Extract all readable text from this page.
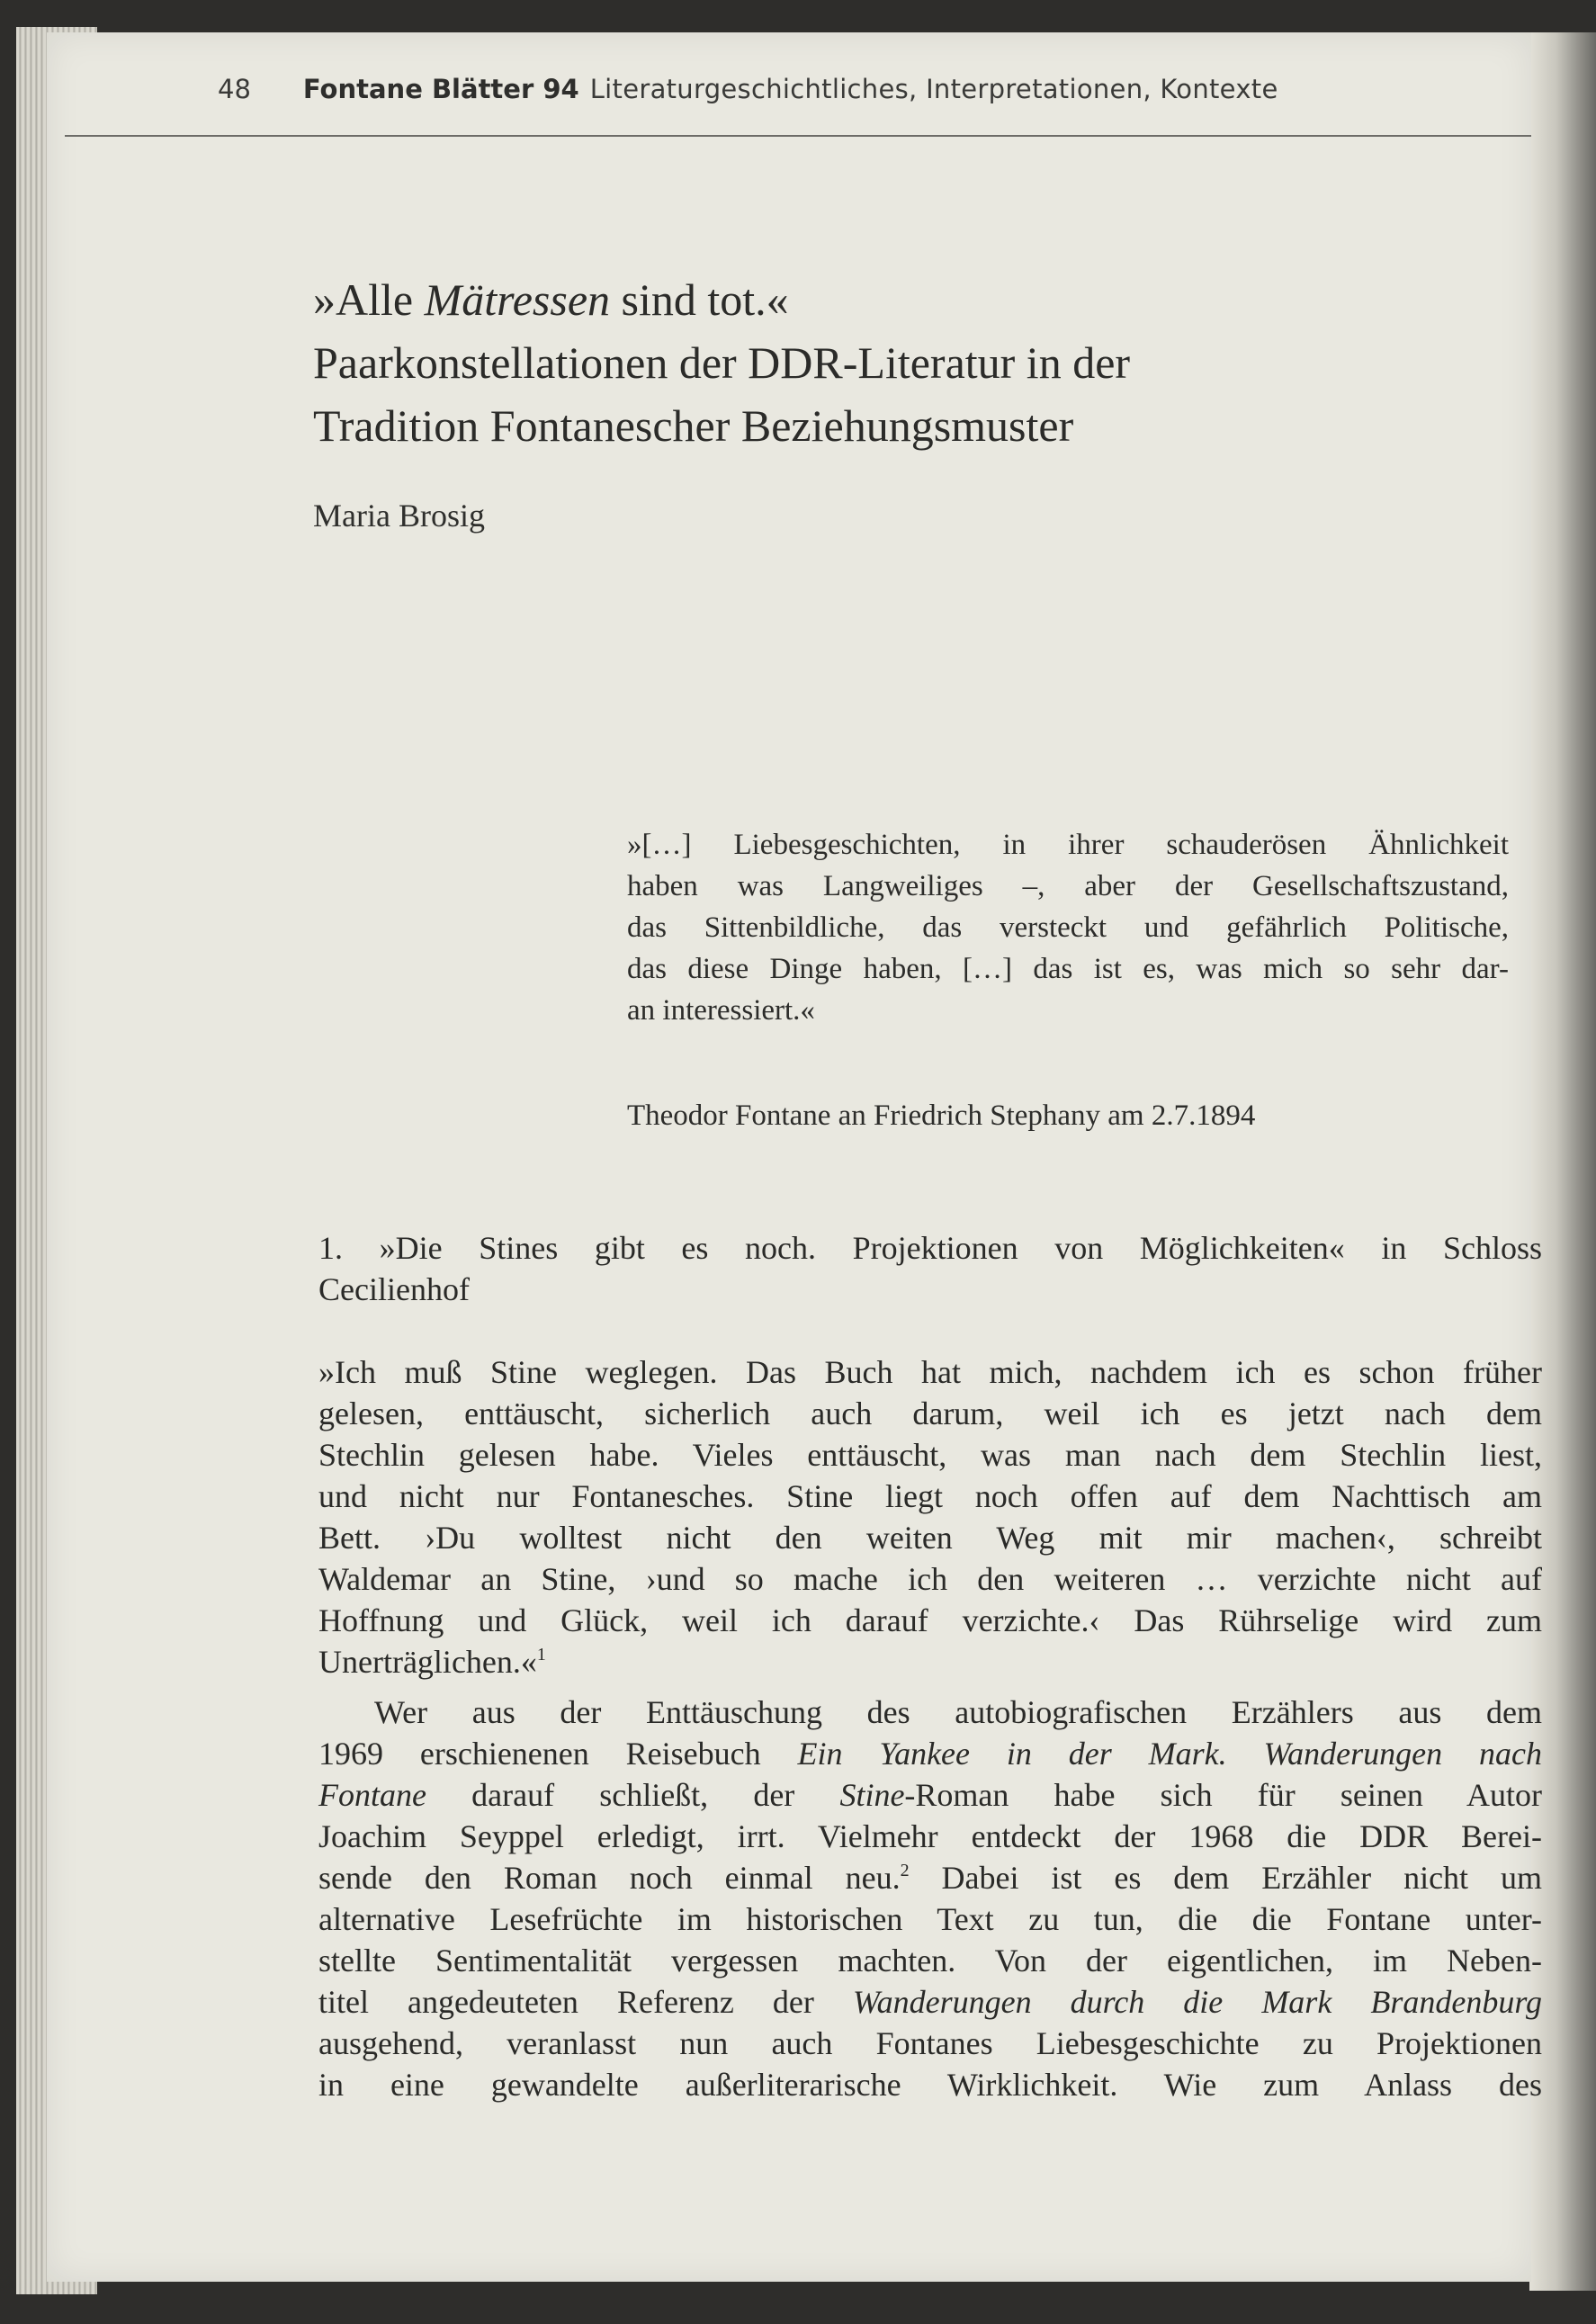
48 Fontane Blätter 94 Literaturgeschichtliches, Interpretationen, Kontexte
»Alle Mätressen sind tot.«
Paarkonstellationen der DDR-Literatur in der
Tradition Fontanescher Beziehungsmuster
Maria Brosig
»[…] Liebesgeschichten, in ihrer schauderösen Ähnlichkeit
haben was Langweiliges –, aber der Gesellschaftszustand,
das Sittenbildliche, das versteckt und gefährlich Politische,
das diese Dinge haben, […] das ist es, was mich so sehr dar-
an interessiert.«
Theodor Fontane an Friedrich Stephany am 2.7.1894
1. »Die Stines gibt es noch. Projektionen von Möglichkeiten« in Schloss
Cecilienhof
»Ich muß Stine weglegen. Das Buch hat mich, nachdem ich es schon früher
gelesen, enttäuscht, sicherlich auch darum, weil ich es jetzt nach dem
Stechlin gelesen habe. Vieles enttäuscht, was man nach dem Stechlin liest,
und nicht nur Fontanesches. Stine liegt noch offen auf dem Nachttisch am
Bett. ›Du wolltest nicht den weiten Weg mit mir machen‹, schreibt
Waldemar an Stine, ›und so mache ich den weiteren … verzichte nicht auf
Hoffnung und Glück, weil ich darauf verzichte.‹ Das Rührselige wird zum
Unerträglichen.«$^1$
Wer aus der Enttäuschung des autobiografischen Erzählers aus dem
1969 erschienenen Reisebuch Ein Yankee in der Mark. Wanderungen nach
Fontane darauf schließt, der Stine-Roman habe sich für seinen Autor
Joachim Seyppel erledigt, irrt. Vielmehr entdeckt der 1968 die DDR Berei-
sende den Roman noch einmal neu.$^2$ Dabei ist es dem Erzähler nicht um
alternative Lesefrüchte im historischen Text zu tun, die die Fontane unter-
stellte Sentimentalität vergessen machten. Von der eigentlichen, im Neben-
titel angedeuteten Referenz der Wanderungen durch die Mark Brandenburg
ausgehend, veranlasst nun auch Fontanes Liebesgeschichte zu Projektionen
in eine gewandelte außerliterarische Wirklichkeit. Wie zum Anlass des
